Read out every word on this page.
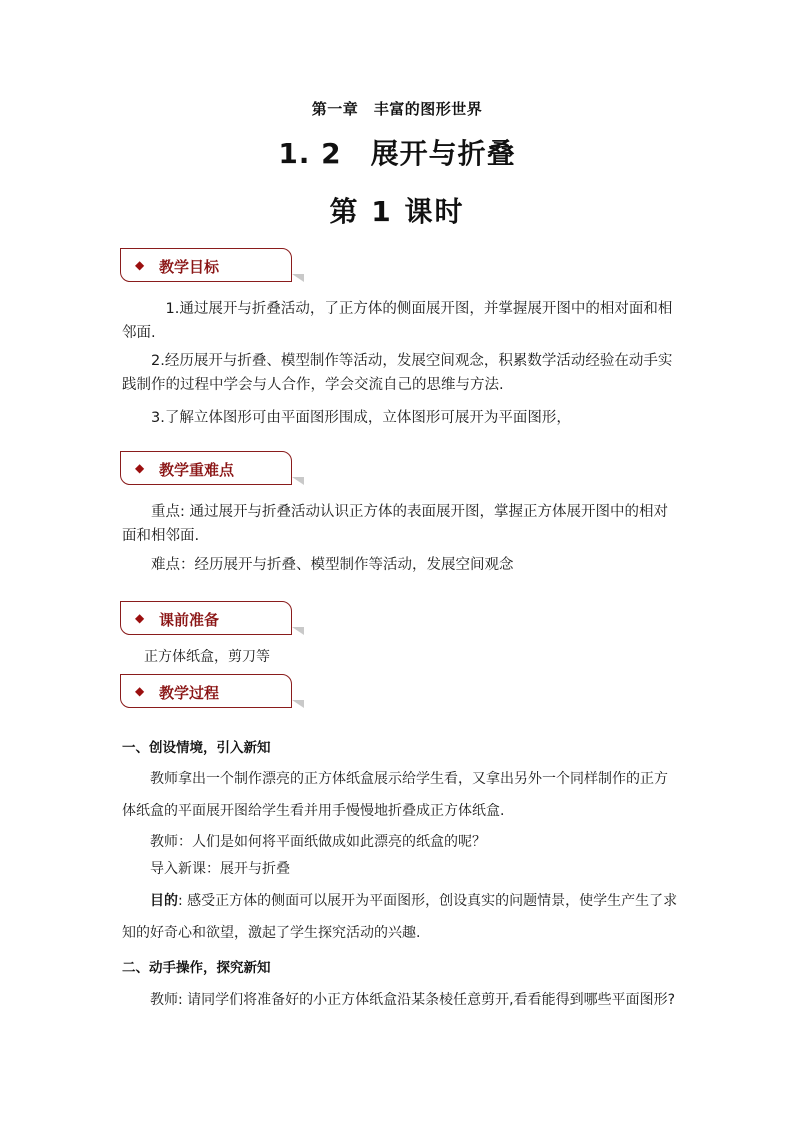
第一章　丰富的图形世界
1. 2　展开与折叠
第 1 课时
◆ 教学目标
1.通过展开与折叠活动，了正方体的侧面展开图，并掌握展开图中的相对面和相邻面.
2.经历展开与折叠、模型制作等活动，发展空间观念，积累数学活动经验在动手实践制作的过程中学会与人合作，学会交流自己的思维与方法.
3.了解立体图形可由平面图形围成，立体图形可展开为平面图形，
◆ 教学重难点
重点: 通过展开与折叠活动认识正方体的表面展开图，掌握正方体展开图中的相对面和相邻面.
难点：经历展开与折叠、模型制作等活动，发展空间观念
◆ 课前准备
正方体纸盒，剪刀等
◆ 教学过程
一、创设情境，引入新知
教师拿出一个制作漂亮的正方体纸盒展示给学生看，又拿出另外一个同样制作的正方体纸盒的平面展开图给学生看并用手慢慢地折叠成正方体纸盒.
教师：人们是如何将平面纸做成如此漂亮的纸盒的呢？
导入新课：展开与折叠
目的: 感受正方体的侧面可以展开为平面图形，创设真实的问题情景，使学生产生了求知的好奇心和欲望，激起了学生探究活动的兴趣.
二、动手操作，探究新知
教师: 请同学们将准备好的小正方体纸盒沿某条棱任意剪开,看看能得到哪些平面图形?
